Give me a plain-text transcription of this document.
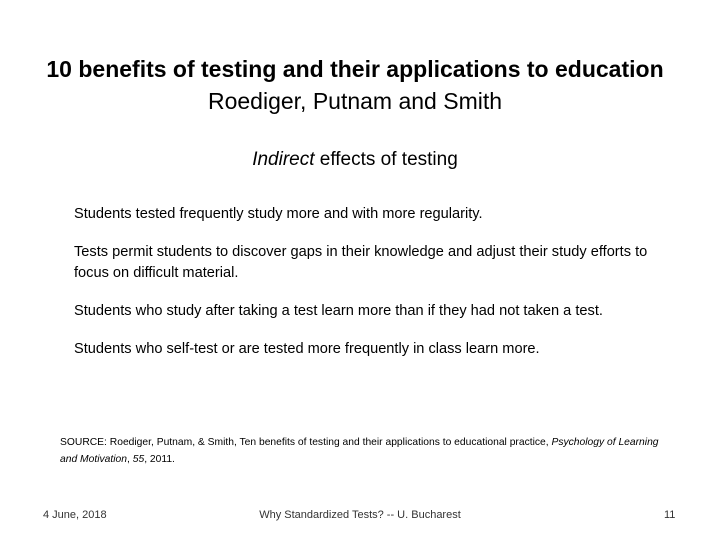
10 benefits of testing and their applications to education
Roediger, Putnam and Smith
Indirect effects of testing
Students tested frequently study more and with more regularity.
Tests permit students to discover gaps in their knowledge and adjust their study efforts to focus on difficult material.
Students who study after taking a test learn more than if they had not taken a test.
Students who self-test or are tested more frequently in class learn more.
SOURCE: Roediger, Putnam, & Smith, Ten benefits of testing and their applications to educational practice, Psychology of Learning and Motivation, 55, 2011.
4 June, 2018	Why Standardized Tests? -- U. Bucharest	11
